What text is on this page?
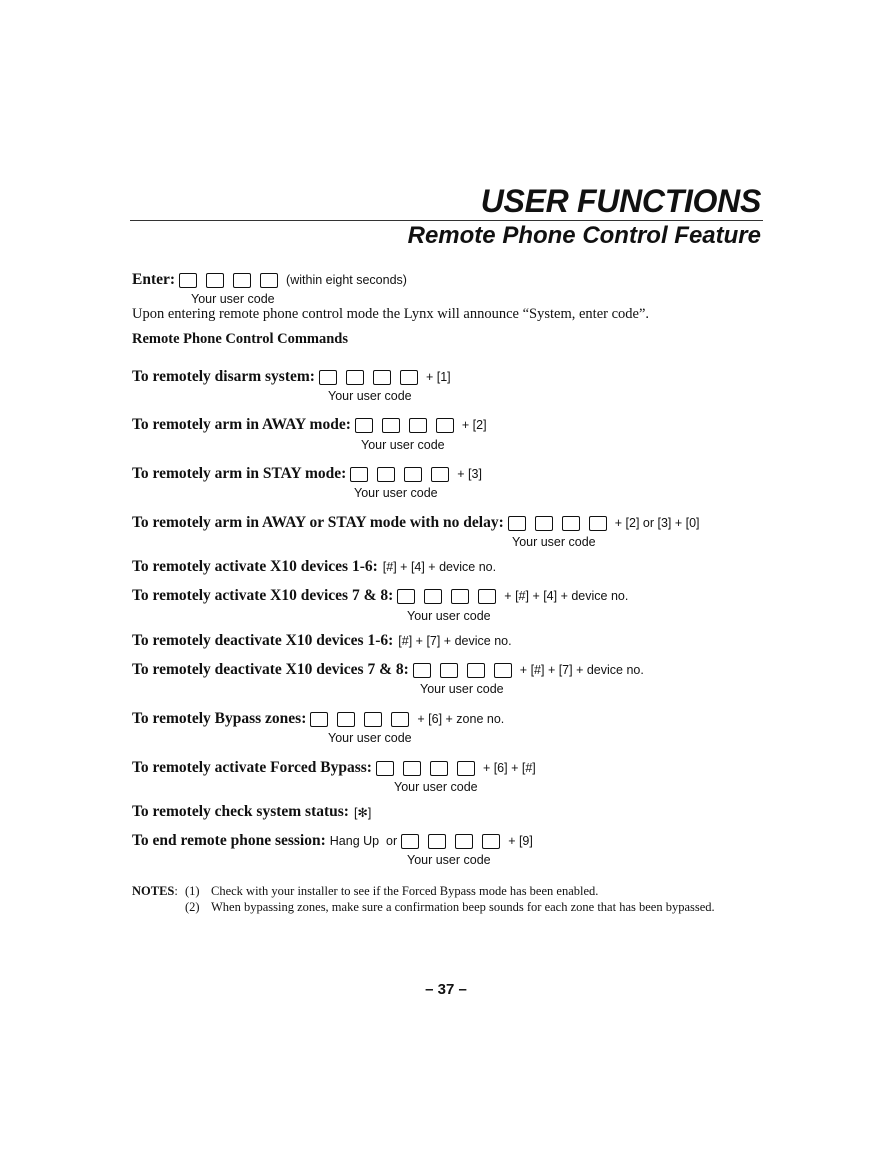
USER FUNCTIONS
Remote Phone Control Feature
Enter:	(within eight seconds)
Your user code
Upon entering remote phone control mode the Lynx will announce “System, enter code”.
Remote Phone Control Commands
To remotely disarm system:	+ [1]
Your user code
To remotely arm in AWAY mode:	+ [2]
Your user code
To remotely arm in STAY mode:	+ [3]
Your user code
To remotely arm in AWAY or STAY mode with no delay:	+ [2] or [3] + [0]
Your user code
To remotely activate X10 devices 1-6: [#] + [4] + device no.
To remotely activate X10 devices 7 & 8:	+ [#] + [4] + device no.
Your user code
To remotely deactivate X10 devices 1-6: [#] + [7] + device no.
To remotely deactivate X10 devices 7 & 8:	+ [#] + [7] + device no.
Your user code
To remotely Bypass zones:	+ [6] + zone no.
Your user code
To remotely activate Forced Bypass:	+ [6] + [#]
Your user code
To remotely check system status: [✻]
To end remote phone session: Hang Up  or	+ [9]
Your user code
NOTES: (1) Check with your installer to see if the Forced Bypass mode has been enabled.
(2) When bypassing zones, make sure a confirmation beep sounds for each zone that has been bypassed.
– 37 –
